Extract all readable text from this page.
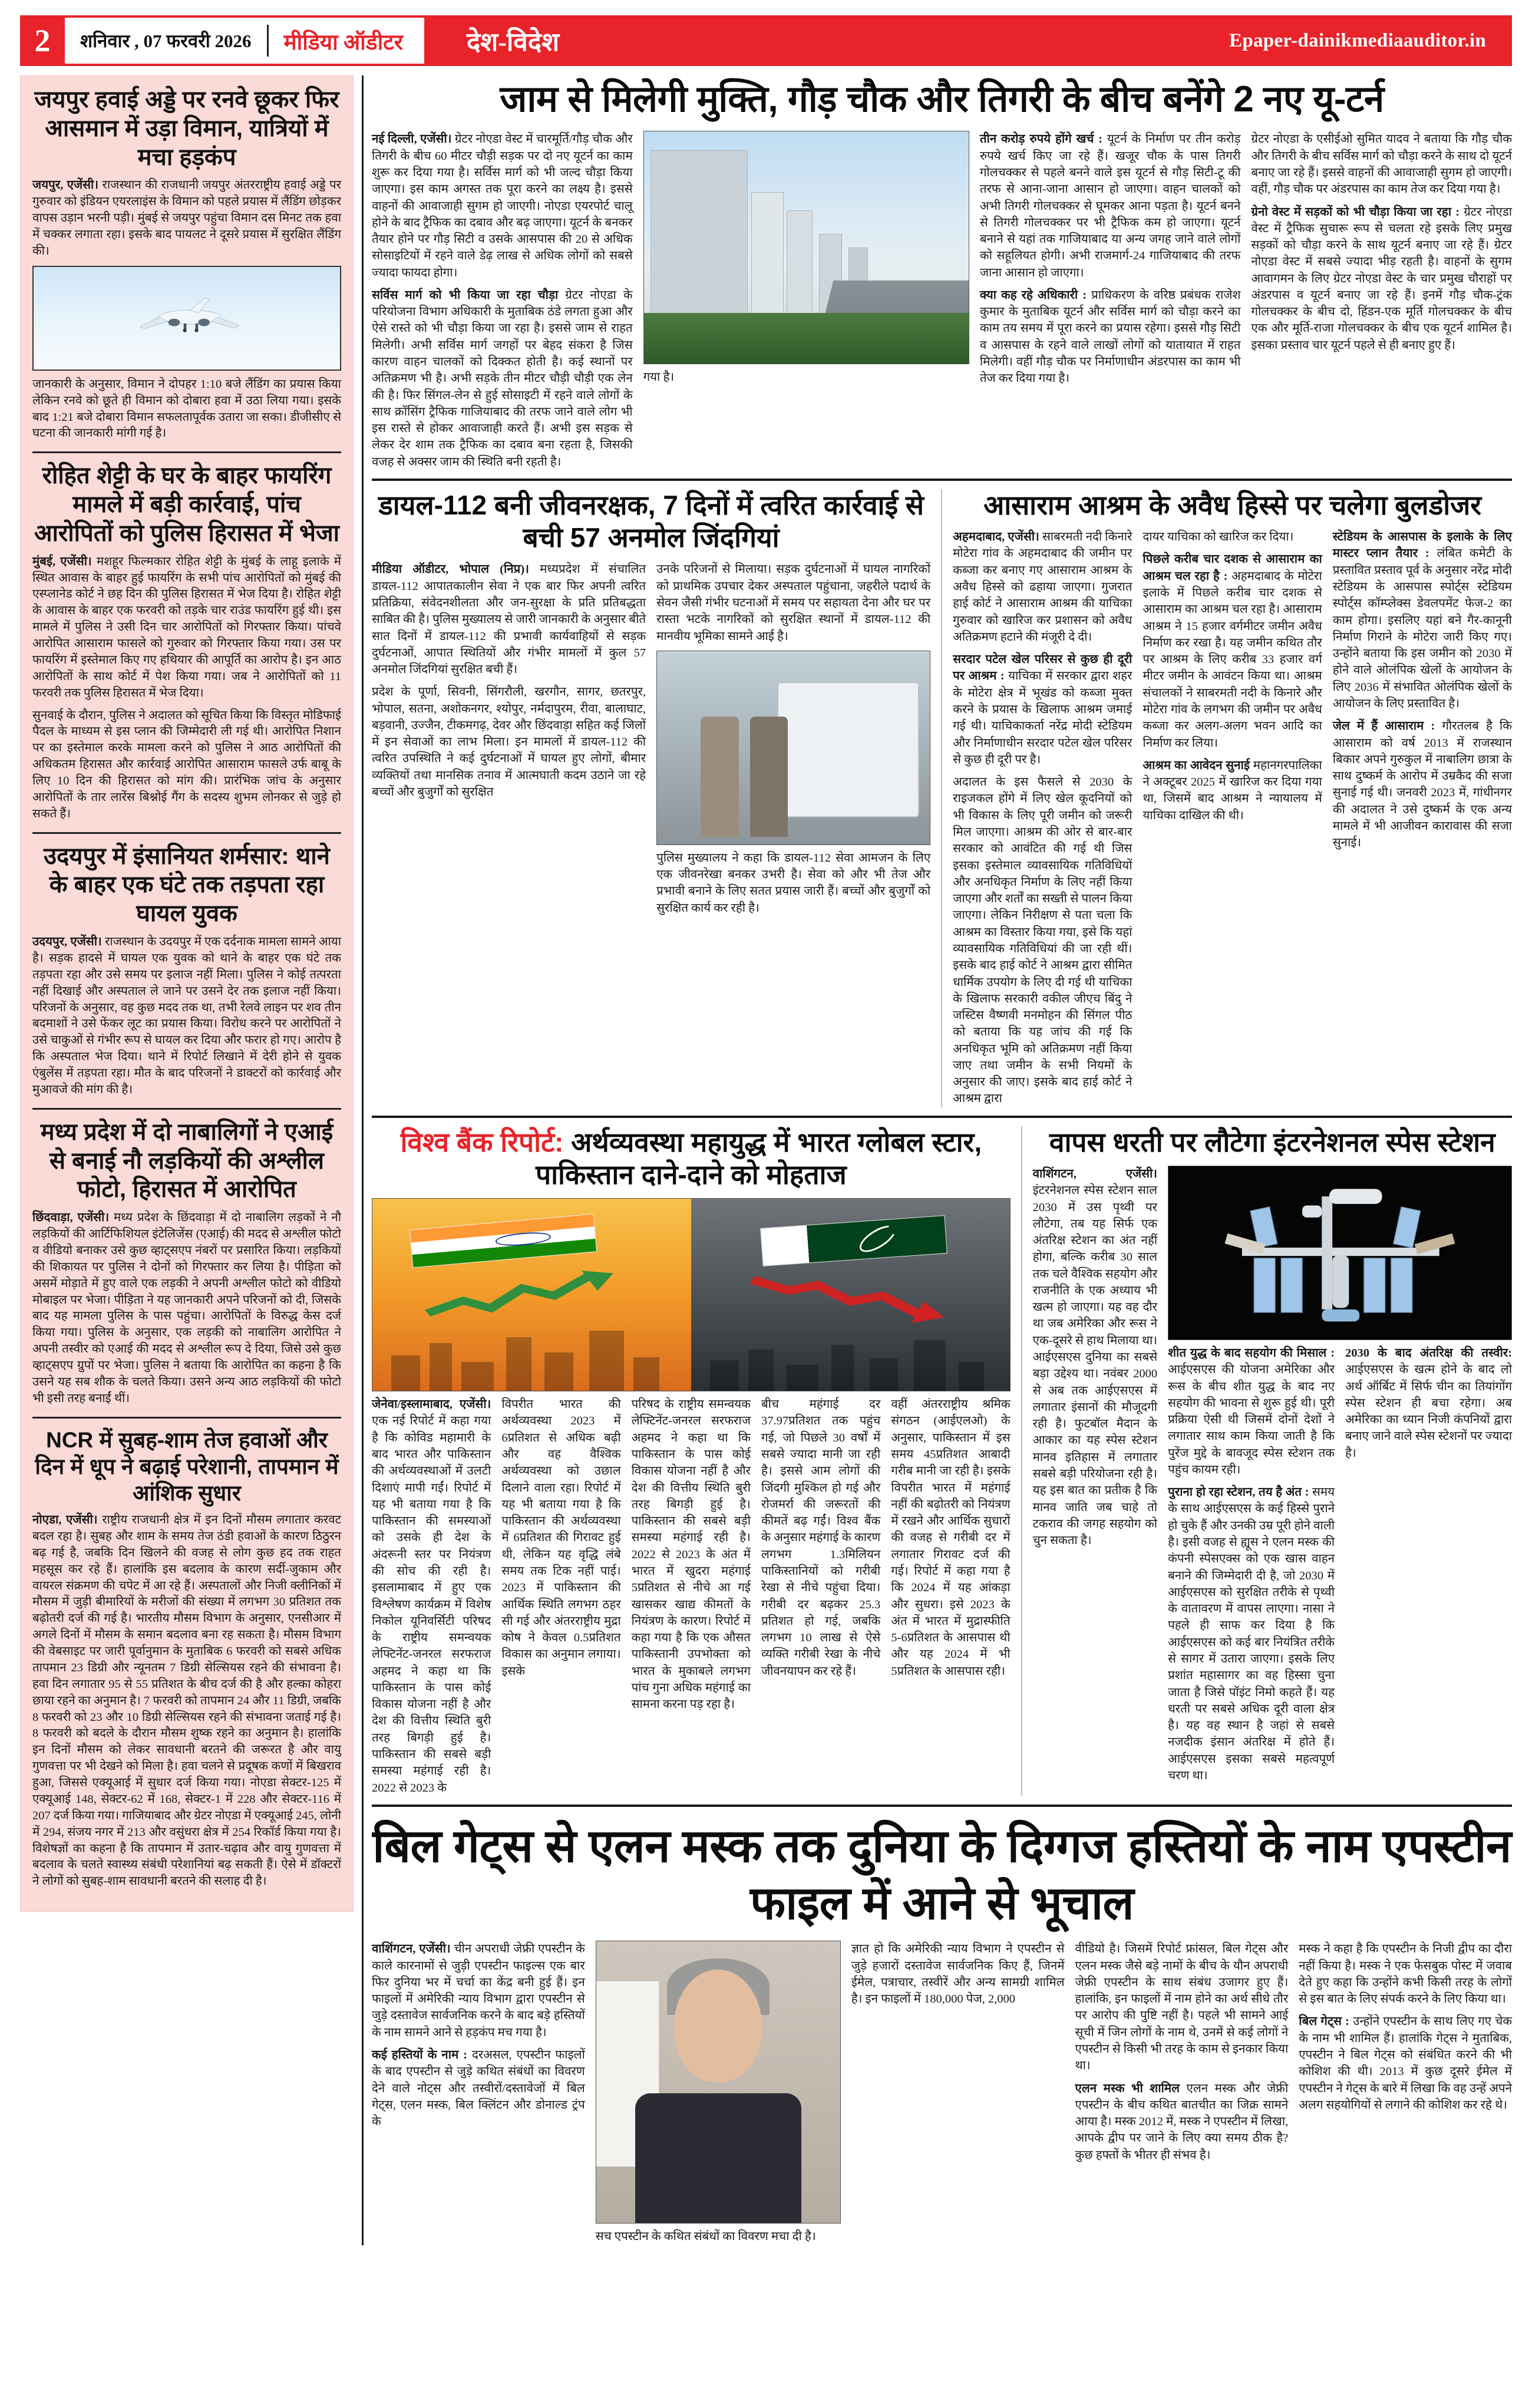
2	शनिवार , 07 फरवरी 2026	मीडिया ऑडीटर	देश-विदेश	Epaper-dainikmediaauditor.in
जयपुर हवाई अड्डे पर रनवे छूकर फिर आसमान में उड़ा विमान, यात्रियों में मचा हड़कंप
जयपुर, एजेंसी। राजस्थान की राजधानी जयपुर अंतरराष्ट्रीय हवाई अड्डे पर गुरुवार को इंडियन एयरलाइंस के विमान को पहले प्रयास में लैंडिंग छोड़कर वापस उड़ान भरनी पड़ी। मुंबई से जयपुर पहुंचा विमान दस मिनट तक हवा में चक्कर लगाता रहा। इसके बाद पायलट ने दूसरे प्रयास में सुरक्षित लैंडिंग की।
जानकारी के अनुसार, विमान ने दोपहर 1:10 बजे लैंडिंग का प्रयास किया लेकिन रनवे को छूते ही विमान को दोबारा हवा में उठा लिया गया। इसके बाद 1:21 बजे दोबारा विमान सफलतापूर्वक उतारा जा सका। डीजीसीए से घटना की जानकारी मांगी गई है।
रोहित शेट्टी के घर के बाहर फायरिंग मामले में बड़ी कार्रवाई, पांच आरोपितों को पुलिस हिरासत में भेजा
मुंबई, एजेंसी। मशहूर फिल्मकार रोहित शेट्टी के मुंबई के लाहू इलाके में स्थित आवास के बाहर हुई फायरिंग के सभी पांच आरोपितों को मुंबई की एस्प्लानेड कोर्ट ने छह दिन की पुलिस हिरासत में भेज दिया है। रोहित शेट्टी के आवास के बाहर एक फरवरी को तड़के चार राउंड फायरिंग हुई थी। इस मामले में पुलिस ने उसी दिन चार आरोपितों को गिरफ्तार किया। पांचवे आरोपित आसाराम फासले को गुरुवार को गिरफ्तार किया गया। उस पर फायरिंग में इस्तेमाल किए गए हथियार की आपूर्ति का आरोप है। इन आठ आरोपितों के साथ कोर्ट में पेश किया गया। जब ने आरोपितों को 11 फरवरी तक पुलिस हिरासत में भेज दिया।
सुनवाई के दौरान, पुलिस ने अदालत को सूचित किया कि विस्तृत मोडिफाई पैदल के माध्यम से इस प्लान की जिम्मेदारी ली गई थी। आरोपित निशान पर का इस्तेमाल करके मामला करने को पुलिस ने आठ आरोपितों की अधिकतम हिरासत और कार्रवाई आरोपित आसाराम फासले उर्फ बाबू के लिए 10 दिन की हिरासत को मांग की। प्रारंभिक जांच के अनुसार आरोपितों के तार लारेंस बिश्नोई गैंग के सदस्य शुभम लोनकर से जुड़े हो सकते हैं।
उदयपुर में इंसानियत शर्मसार: थाने के बाहर एक घंटे तक तड़पता रहा घायल युवक
उदयपुर, एजेंसी। राजस्थान के उदयपुर में एक दर्दनाक मामला सामने आया है। सड़क हादसे में घायल एक युवक को थाने के बाहर एक घंटे तक तड़पता रहा और उसे समय पर इलाज नहीं मिला। पुलिस ने कोई तत्परता नहीं दिखाई और अस्पताल ले जाने पर उसने देर तक इलाज नहीं किया। परिजनों के अनुसार, वह कुछ मदद तक था, तभी रेलवे लाइन पर शव तीन बदमाशों ने उसे फेंकर लूट का प्रयास किया। विरोध करने पर आरोपितों ने उसे चाकुओं से गंभीर रूप से घायल कर दिया और फरार हो गए। आरोप है कि अस्पताल भेज दिया। थाने में रिपोर्ट लिखाने में देरी होने से युवक एंबुलेंस में तड़पता रहा। मौत के बाद परिजनों ने डाक्टरों को कार्रवाई और मुआवजे की मांग की है।
मध्य प्रदेश में दो नाबालिगों ने एआई से बनाई नौ लड़कियों की अश्लील फोटो, हिरासत में आरोपित
छिंदवाड़ा, एजेंसी। मध्य प्रदेश के छिंदवाड़ा में दो नाबालिग लड़कों ने नौ लड़कियों की आर्टिफिशियल इंटेलिजेंस (एआई) की मदद से अश्लील फोटो व वीडियो बनाकर उसे कुछ व्हाट्सएप नंबरों पर प्रसारित किया। लड़कियों की शिकायत पर पुलिस ने दोनों को गिरफ्तार कर लिया है। पीड़िता को असमें मोड़ाते में हुए वाले एक लड़की ने अपनी अश्लील फोटो को वीडियो मोबाइल पर भेजा। पीड़िता ने यह जानकारी अपने परिजनों को दी, जिसके बाद यह मामला पुलिस के पास पहुंचा। आरोपितों के विरुद्ध केस दर्ज किया गया। पुलिस के अनुसार, एक लड़की को नाबालिग आरोपित ने अपनी तस्वीर को एआई की मदद से अश्लील रूप दे दिया, जिसे उसे कुछ व्हाट्सएप ग्रुपों पर भेजा। पुलिस ने बताया कि आरोपित का कहना है कि उसने यह सब शौक के चलते किया। उसने अन्य आठ लड़कियों की फोटो भी इसी तरह बनाईं थीं।
NCR में सुबह-शाम तेज हवाओं और दिन में धूप ने बढ़ाई परेशानी, तापमान में आंशिक सुधार
नोएडा, एजेंसी। राष्ट्रीय राजधानी क्षेत्र में इन दिनों मौसम लगातार करवट बदल रहा है। सुबह और शाम के समय तेज ठंडी हवाओं के कारण ठिठुरन बढ़ गई है, जबकि दिन खिलने की वजह से लोग कुछ हद तक राहत महसूस कर रहे हैं। हालांकि इस बदलाव के कारण सर्दी-जुकाम और वायरल संक्रमण की चपेट में आ रहे हैं। अस्पतालों और निजी क्लीनिकों में मौसम में जुड़ी बीमारियों के मरीजों की संख्या में लगभग 30 प्रतिशत तक बढ़ोतरी दर्ज की गई है। भारतीय मौसम विभाग के अनुसार, एनसीआर में अगले दिनों में मौसम के समान बदलाव बना रह सकता है। मौसम विभाग की वेबसाइट पर जारी पूर्वानुमान के मुताबिक 6 फरवरी को सबसे अधिक तापमान 23 डिग्री और न्यूनतम 7 डिग्री सेल्सियस रहने की संभावना है। हवा दिन लगातार 95 से 55 प्रतिशत के बीच दर्ज की है और हल्का कोहरा छाया रहने का अनुमान है। 7 फरवरी को तापमान 24 और 11 डिग्री, जबकि 8 फरवरी को 23 और 10 डिग्री सेल्सियस रहने की संभावना जताई गई है। 8 फरवरी को बदले के दौरान मौसम शुष्क रहने का अनुमान है। हालांकि इन दिनों मौसम को लेकर सावधानी बरतने की जरूरत है और वायु गुणवत्ता पर भी देखने को मिला है। हवा चलने से प्रदूषक कणों में बिखराव हुआ, जिससे एक्यूआई में सुधार दर्ज किया गया। नोएडा सेक्टर-125 में एक्यूआई 148, सेक्टर-62 में 168, सेक्टर-1 में 228 और सेक्टर-116 में 207 दर्ज किया गया। गाजियाबाद और ग्रेटर नोएडा में एक्यूआई 245, लोनी में 294, संजय नगर में 213 और वसुंधरा क्षेत्र में 254 रिकॉर्ड किया गया है। विशेषज्ञों का कहना है कि तापमान में उतार-चढ़ाव और वायु गुणवत्ता में बदलाव के चलते स्वास्थ्य संबंधी परेशानियां बढ़ सकती हैं। ऐसे में डॉक्टरों ने लोगों को सुबह-शाम सावधानी बरतने की सलाह दी है।
जाम से मिलेगी मुक्ति, गौड़ चौक और तिगरी के बीच बनेंगे 2 नए यू-टर्न
नई दिल्ली, एजेंसी। ग्रेटर नोएडा वेस्ट में चारमूर्ति/गौड़ चौक और तिगरी के बीच 60 मीटर चौड़ी सड़क पर दो नए यूटर्न का काम शुरू कर दिया गया है। सर्विस मार्ग को भी जल्द चौड़ा किया जाएगा। इस काम अगस्त तक पूरा करने का लक्ष्य है। इससे वाहनों की आवाजाही सुगम हो जाएगी। नोएडा एयरपोर्ट चालू होने के बाद ट्रैफिक का दबाव और बढ़ जाएगा। यूटर्न के बनकर तैयार होने पर गौड़ सिटी व उसके आसपास की 20 से अधिक सोसाइटियों में रहने वाले डेढ़ लाख से अधिक लोगों को सबसे ज्यादा फायदा होगा।
सर्विस मार्ग को भी किया जा रहा चौड़ा ग्रेटर नोएडा के परियोजना विभाग अधिकारी के मुताबिक ठंडे लगता हुआ और ऐसे रास्ते को भी चौड़ा किया जा रहा है। इससे जाम से राहत मिलेगी। अभी सर्विस मार्ग जगहों पर बेहद संकरा है जिस कारण वाहन चालकों को दिक्कत होती है। कई स्थानों पर अतिक्रमण भी है। अभी सड़के तीन मीटर चौड़ी चौड़ी एक लेन की है। फिर सिंगल-लेन से हुई सोसाइटी में रहने वाले लोगों के साथ क्रॉसिंग ट्रैफिक गाजियाबाद की तरफ जाने वाले लोग भी इस रास्ते से होकर आवाजाही करते हैं। अभी इस सड़क से लेकर देर शाम तक ट्रैफिक का दबाव बना रहता है, जिसकी वजह से अक्सर जाम की स्थिति बनी रहती है।
गया है।
तीन करोड़ रुपये होंगे खर्च : यूटर्न के निर्माण पर तीन करोड़ रुपये खर्च किए जा रहे हैं। खजूर चौक के पास तिगरी गोलचक्कर से पहले बनने वाले इस यूटर्न से गौड़ सिटी-टू की तरफ से आना-जाना आसान हो जाएगा। वाहन चालकों को अभी तिगरी गोलचक्कर से घूमकर आना पड़ता है। यूटर्न बनने से तिगरी गोलचक्कर पर भी ट्रैफिक कम हो जाएगा। यूटर्न बनाने से यहां तक गाजियाबाद या अन्य जगह जाने वाले लोगों को सहूलियत होगी। अभी राजमार्ग-24 गाजियाबाद की तरफ जाना आसान हो जाएगा।
क्या कह रहे अधिकारी : प्राधिकरण के वरिष्ठ प्रबंधक राजेश कुमार के मुताबिक यूटर्न और सर्विस मार्ग को चौड़ा करने का काम तय समय में पूरा करने का प्रयास रहेगा। इससे गौड़ सिटी व आसपास के रहने वाले लाखों लोगों को यातायात में राहत मिलेगी। वहीं गौड़ चौक पर निर्माणाधीन अंडरपास का काम भी तेज कर दिया गया है।
ग्रेटर नोएडा के एसीईओ सुमित यादव ने बताया कि गौड़ चौक और तिगरी के बीच सर्विस मार्ग को चौड़ा करने के साथ दो यूटर्न बनाए जा रहे हैं। इससे वाहनों की आवाजाही सुगम हो जाएगी। वहीं, गौड़ चौक पर अंडरपास का काम तेज कर दिया गया है।
ग्रेनो वेस्ट में सड़कों को भी चौड़ा किया जा रहा : ग्रेटर नोएडा वेस्ट में ट्रैफिक सुचारू रूप से चलता रहे इसके लिए प्रमुख सड़कों को चौड़ा करने के साथ यूटर्न बनाए जा रहे हैं। ग्रेटर नोएडा वेस्ट में सबसे ज्यादा भीड़ रहती है। वाहनों के सुगम आवागमन के लिए ग्रेटर नोएडा वेस्ट के चार प्रमुख चौराहों पर अंडरपास व यूटर्न बनाए जा रहे हैं। इनमें गौड़ चौक-ट्रंक गोलचक्कर के बीच दो, हिंडन-एक मूर्ति गोलचक्कर के बीच एक और मूर्ति-राजा गोलचक्कर के बीच एक यूटर्न शामिल है। इसका प्रस्ताव चार यूटर्न पहले से ही बनाए हुए हैं।
डायल-112 बनी जीवनरक्षक, 7 दिनों में त्वरित कार्रवाई से बची 57 अनमोल जिंदगियां
मीडिया ऑडीटर, भोपाल (निप्र)। मध्यप्रदेश में संचालित डायल-112 आपातकालीन सेवा ने एक बार फिर अपनी त्वरित प्रतिक्रिया, संवेदनशीलता और जन-सुरक्षा के प्रति प्रतिबद्धता साबित की है। पुलिस मुख्यालय से जारी जानकारी के अनुसार बीते सात दिनों में डायल-112 की प्रभावी कार्यवाहियों से सड़क दुर्घटनाओं, आपात स्थितियों और गंभीर मामलों में कुल 57 अनमोल जिंदगियां सुरक्षित बची हैं।
प्रदेश के पूर्णा, सिवनी, सिंगरौली, खरगौन, सागर, छतरपुर, भोपाल, सतना, अशोकनगर, श्योपुर, नर्मदापुरम, रीवा, बालाघाट, बड़वानी, उज्जैन, टीकमगढ़, देवर और छिंदवाड़ा सहित कई जिलों में इन सेवाओं का लाभ मिला। इन मामलों में डायल-112 की त्वरित उपस्थिति ने कई दुर्घटनाओं में घायल हुए लोगों, बीमार व्यक्तियों तथा मानसिक तनाव में आत्मघाती कदम उठाने जा रहे बच्चों और बुजुर्गों को सुरक्षित
उनके परिजनों से मिलाया। सड़क दुर्घटनाओं में घायल नागरिकों को प्राथमिक उपचार देकर अस्पताल पहुंचाना, जहरीले पदार्थ के सेवन जैसी गंभीर घटनाओं में समय पर सहायता देना और घर पर रास्ता भटके नागरिकों को सुरक्षित स्थानों में डायल-112 की मानवीय भूमिका सामने आई है।
पुलिस मुख्यालय ने कहा कि डायल-112 सेवा आमजन के लिए एक जीवनरेखा बनकर उभरी है। सेवा को और भी तेज और प्रभावी बनाने के लिए सतत प्रयास जारी हैं। बच्चों और बुजुर्गों को सुरक्षित कार्य कर रही है।
आसाराम आश्रम के अवैध हिस्से पर चलेगा बुलडोजर
अहमदाबाद, एजेंसी। साबरमती नदी किनारे मोटेरा गांव के अहमदाबाद की जमीन पर कब्जा कर बनाए गए आसाराम आश्रम के अवैध हिस्से को ढहाया जाएगा। गुजरात हाई कोर्ट ने आसाराम आश्रम की याचिका गुरुवार को खारिज कर प्रशासन को अवैध अतिक्रमण हटाने की मंजूरी दे दी।
सरदार पटेल खेल परिसर से कुछ ही दूरी पर आश्रम : याचिका में सरकार द्वारा शहर के मोटेरा क्षेत्र में भूखंड को कब्जा मुक्त करने के प्रयास के खिलाफ आश्रम जमाई गई थी। याचिकाकर्ता नरेंद्र मोदी स्टेडियम और निर्माणाधीन सरदार पटेल खेल परिसर से कुछ ही दूरी पर है।
अदालत के इस फैसले से 2030 के राइजकल होंगे में लिए खेल कूदनियों को भी विकास के लिए पूरी जमीन को जरूरी मिल जाएगा। आश्रम की ओर से बार-बार सरकार को आवंटित की गई थी जिस इसका इस्तेमाल व्यावसायिक गतिविधियों और अनधिकृत निर्माण के लिए नहीं किया जाएगा और शर्तों का सख्ती से पालन किया जाएगा। लेकिन निरीक्षण से पता चला कि आश्रम का विस्तार किया गया, इसे कि यहां व्यावसायिक गतिविधियां की जा रही थीं। इसके बाद हाई कोर्ट ने आश्रम द्वारा सीमित धार्मिक उपयोग के लिए दी गई थी याचिका के खिलाफ सरकारी वकील जीएच बिंदु ने जस्टिस वैष्णवी मनमोहन की सिंगल पीठ को बताया कि यह जांच की गई कि अनधिकृत भूमि को अतिक्रमण नहीं किया जाए तथा जमीन के सभी नियमों के अनुसार की जाए। इसके बाद हाई कोर्ट ने आश्रम द्वारा
दायर याचिका को खारिज कर दिया।
पिछले करीब चार दशक से आसाराम का आश्रम चल रहा है : अहमदाबाद के मोटेरा इलाके में पिछले करीब चार दशक से आसाराम का आश्रम चल रहा है। आसाराम आश्रम ने 15 हजार वर्गमीटर जमीन अवैध निर्माण कर रखा है। यह जमीन कथित तौर पर आश्रम के लिए करीब 33 हजार वर्ग मीटर जमीन के आवंटन किया था। आश्रम संचालकों ने साबरमती नदी के किनारे और मोटेरा गांव के लगभग की जमीन पर अवैध कब्जा कर अलग-अलग भवन आदि का निर्माण कर लिया।
आश्रम का आवेदन सुनाई महानगरपालिका ने अक्टूबर 2025 में खारिज कर दिया गया था, जिसमें बाद आश्रम ने न्यायालय में याचिका दाखिल की थी।
स्टेडियम के आसपास के इलाके के लिए मास्टर प्लान तैयार : लंबित कमेटी के प्रस्तावित प्रस्ताव पूर्व के अनुसार नरेंद्र मोदी स्टेडियम के आसपास स्पोर्ट्स स्टेडियम स्पोर्ट्स कॉम्प्लेक्स डेवलपमेंट फेज-2 का काम होगा। इसलिए यहां बने गैर-कानूनी निर्माण गिराने के मोटेरा जारी किए गए। उन्होंने बताया कि इस जमीन को 2030 में होने वाले ओलंपिक खेलों के आयोजन के लिए 2036 में संभावित ओलंपिक खेलों के आयोजन के लिए प्रस्तावित है।
जेल में हैं आसाराम : गौरतलब है कि आसाराम को वर्ष 2013 में राजस्थान बिकार अपने गुरुकुल में नाबालिग छात्रा के साथ दुष्कर्म के आरोप में उम्रकैद की सजा सुनाई गई थी। जनवरी 2023 में, गांधीनगर की अदालत ने उसे दुष्कर्म के एक अन्य मामले में भी आजीवन कारावास की सजा सुनाई।
विश्व बैंक रिपोर्ट: अर्थव्यवस्था महायुद्ध में भारत ग्लोबल स्टार, पाकिस्तान दाने-दाने को मोहताज
जेनेवा/इस्लामाबाद, एजेंसी। एक नई रिपोर्ट में कहा गया है कि कोविड महामारी के बाद भारत और पाकिस्तान की अर्थव्यवस्थाओं में उलटी दिशाएं मापी गईं। रिपोर्ट में यह भी बताया गया है कि पाकिस्तान की समस्याओं को उसके ही देश के अंदरूनी स्तर पर नियंत्रण की सोच की रही है। इसलामाबाद में हुए एक विश्लेषण कार्यक्रम में विशेष निकोल यूनिवर्सिटी परिषद के राष्ट्रीय समन्वयक लेफ्टिनेंट-जनरल सरफराज अहमद ने कहा था कि पाकिस्तान के पास कोई विकास योजना नहीं है और देश की वित्तीय स्थिति बुरी तरह बिगड़ी हुई है। पाकिस्तान की सबसे बड़ी समस्या महंगाई रही है। 2022 से 2023 के
विपरीत भारत की अर्थव्यवस्था 2023 में 6प्रतिशत से अधिक बढ़ी और वह वैश्विक अर्थव्यवस्था को उछाल दिलाने वाला रहा। रिपोर्ट में यह भी बताया गया है कि पाकिस्तान की अर्थव्यवस्था में 6प्रतिशत की गिरावट हुई थी, लेकिन यह वृद्धि लंबे समय तक टिक नहीं पाई। 2023 में पाकिस्तान की आर्थिक स्थिति लगभग ठहर सी गई और अंतरराष्ट्रीय मुद्रा कोष ने केवल 0.5प्रतिशत विकास का अनुमान लगाया। इसके
परिषद के राष्ट्रीय समन्वयक लेफ्टिनेंट-जनरल सरफराज अहमद ने कहा था कि पाकिस्तान के पास कोई विकास योजना नहीं है और देश की वित्तीय स्थिति बुरी तरह बिगड़ी हुई है। पाकिस्तान की सबसे बड़ी समस्या महंगाई रही है। 2022 से 2023 के अंत में भारत में खुदरा महंगाई 5प्रतिशत से नीचे आ गई खासकर खाद्य कीमतों के नियंत्रण के कारण। रिपोर्ट में कहा गया है कि एक औसत पाकिस्तानी उपभोक्ता को भारत के मुकाबले लगभग पांच गुना अधिक महंगाई का सामना करना पड़ रहा है।
बीच महंगाई दर 37.97प्रतिशत तक पहुंच गई, जो पिछले 30 वर्षों में सबसे ज्यादा मानी जा रही है। इससे आम लोगों की जिंदगी मुश्किल हो गई और रोजमर्रा की जरूरतों की कीमतें बढ़ गईं। विश्व बैंक के अनुसार महंगाई के कारण लगभग 1.3मिलियन पाकिस्तानियों को गरीबी रेखा से नीचे पहुंचा दिया। गरीबी दर बढ़कर 25.3 प्रतिशत हो गई, जबकि लगभग 10 लाख से ऐसे व्यक्ति गरीबी रेखा के नीचे जीवनयापन कर रहे हैं।
वहीं अंतरराष्ट्रीय श्रमिक संगठन (आईएलओ) के अनुसार, पाकिस्तान में इस समय 45प्रतिशत आबादी गरीब मानी जा रही है। इसके विपरीत भारत में महंगाई नहीं की बढ़ोतरी को नियंत्रण में रखने और आर्थिक सुधारों की वजह से गरीबी दर में लगातार गिरावट दर्ज की गई। रिपोर्ट में कहा गया है कि 2024 में यह आंकड़ा और सुधरा। इसे 2023 के अंत में भारत में मुद्रास्फीति 5-6प्रतिशत के आसपास थी और यह 2024 में भी 5प्रतिशत के आसपास रही।
वापस धरती पर लौटेगा इंटरनेशनल स्पेस स्टेशन
वाशिंगटन, एजेंसी। इंटरनेशनल स्पेस स्टेशन साल 2030 में उस पृथ्वी पर लौटेगा, तब यह सिर्फ एक अंतरिक्ष स्टेशन का अंत नहीं होगा, बल्कि करीब 30 साल तक चले वैश्विक सहयोग और राजनीति के एक अध्याय भी खत्म हो जाएगा। यह वह दौर था जब अमेरिका और रूस ने एक-दूसरे से हाथ मिलाया था। आईएसएस दुनिया का सबसे बड़ा उद्देश्य था। नवंबर 2000 से अब तक आईएसएस में लगातार इंसानों की मौजूदगी रही है। फुटबॉल मैदान के आकार का यह स्पेस स्टेशन मानव इतिहास में लगातार सबसे बड़ी परियोजना रही है। यह इस बात का प्रतीक है कि मानव जाति जब चाहे तो टकराव की जगह सहयोग को चुन सकता है।
शीत युद्ध के बाद सहयोग की मिसाल : आईएसएस की योजना अमेरिका और रूस के बीच शीत युद्ध के बाद नए सहयोग की भावना से शुरू हुई थी। पूरी प्रक्रिया ऐसी थी जिसमें दोनों देशों ने लगातार साथ काम किया जाती है कि पुरेंज मुद्दे के बावजूद स्पेस स्टेशन तक पहुंच कायम रही।
पुराना हो रहा स्टेशन, तय है अंत : समय के साथ आईएसएस के कई हिस्से पुराने हो चुके हैं और उनकी उम्र पूरी होने वाली है। इसी वजह से ह्यूस ने एलन मस्क की कंपनी स्पेसएक्स को एक खास वाहन बनाने की जिम्मेदारी दी है, जो 2030 में आईएसएस को सुरक्षित तरीके से पृथ्वी के वातावरण में वापस लाएगा। नासा ने पहले ही साफ कर दिया है कि आईएसएस को कई बार नियंत्रित तरीके से सागर में उतारा जाएगा। इसके लिए प्रशांत महासागर का वह हिस्सा चुना जाता है जिसे पॉइंट निमो कहते हैं। यह धरती पर सबसे अधिक दूरी वाला क्षेत्र है। यह वह स्थान है जहां से सबसे नजदीक इंसान अंतरिक्ष में होते हैं। आईएसएस इसका सबसे महत्वपूर्ण चरण था।
2030 के बाद अंतरिक्ष की तस्वीर: आईएसएस के खत्म होने के बाद लो अर्थ ऑर्बिट में सिर्फ चीन का तियांगोंग स्पेस स्टेशन ही बचा रहेगा। अब अमेरिका का ध्यान निजी कंपनियों द्वारा बनाए जाने वाले स्पेस स्टेशनों पर ज्यादा है।
बिल गेट्स से एलन मस्क तक दुनिया के दिग्गज हस्तियों के नाम एपस्टीन फाइल में आने से भूचाल
वाशिंगटन, एजेंसी। चीन अपराधी जेफ्री एपस्टीन के काले कारनामों से जुड़ी एपस्टीन फाइल्स एक बार फिर दुनिया भर में चर्चा का केंद्र बनी हुई हैं। इन फाइलों में अमेरिकी न्याय विभाग द्वारा एपस्टीन से जुड़े दस्तावेज सार्वजनिक करने के बाद बड़े हस्तियों के नाम सामने आने से हड़कंप मच गया है।
कई हस्तियों के नाम : दरअसल, एपस्टीन फाइलों के बाद एपस्टीन से जुड़े कथित संबंधों का विवरण देने वाले नोट्स और तस्वीरों/दस्तावेजों में बिल गेट्स, एलन मस्क, बिल क्लिंटन और डोनाल्ड ट्रंप के
सच एपस्टीन के कथित संबंधों का विवरण मचा दी है।
ज्ञात हो कि अमेरिकी न्याय विभाग ने एपस्टीन से जुड़े हजारों दस्तावेज सार्वजनिक किए हैं, जिनमें ईमेल, पत्राचार, तस्वीरें और अन्य सामग्री शामिल है। इन फाइलों में 180,000 पेज, 2,000
वीडियो है। जिसमें रिपोर्ट फ्रांसल, बिल गेट्स और एलन मस्क जैसे बड़े नामों के बीच के यौन अपराधी जेफ्री एपस्टीन के साथ संबंध उजागर हुए हैं। हालांकि, इन फाइलों में नाम होने का अर्थ सीधे तौर पर आरोप की पुष्टि नहीं है। पहले भी सामने आई सूची में जिन लोगों के नाम थे, उनमें से कई लोगों ने एपस्टीन से किसी भी तरह के काम से इनकार किया था।
एलन मस्क भी शामिल एलन मस्क और जेफ्री एपस्टीन के बीच कथित बातचीत का जिक्र सामने आया है। मस्क 2012 में, मस्क ने एपस्टीन में लिखा, आपके द्वीप पर जाने के लिए क्या समय ठीक है? कुछ हफ्तों के भीतर ही संभव है।
मस्क ने कहा है कि एपस्टीन के निजी द्वीप का दौरा नहीं किया है। मस्क ने एक फेसबुक पोस्ट में जवाब देते हुए कहा कि उन्होंने कभी किसी तरह के लोगों से इस बात के लिए संपर्क करने के लिए किया था।
बिल गेट्स : उन्होंने एपस्टीन के साथ लिए गए चेक के नाम भी शामिल हैं। हालांकि गेट्स ने मुताबिक, एपस्टीन ने बिल गेट्स को संबंधित करने की भी कोशिश की थी। 2013 में कुछ दूसरे ईमेल में एपस्टीन ने गेट्स के बारे में लिखा कि वह उन्हें अपने अलग सहयोगियों से लगाने की कोशिश कर रहे थे।
